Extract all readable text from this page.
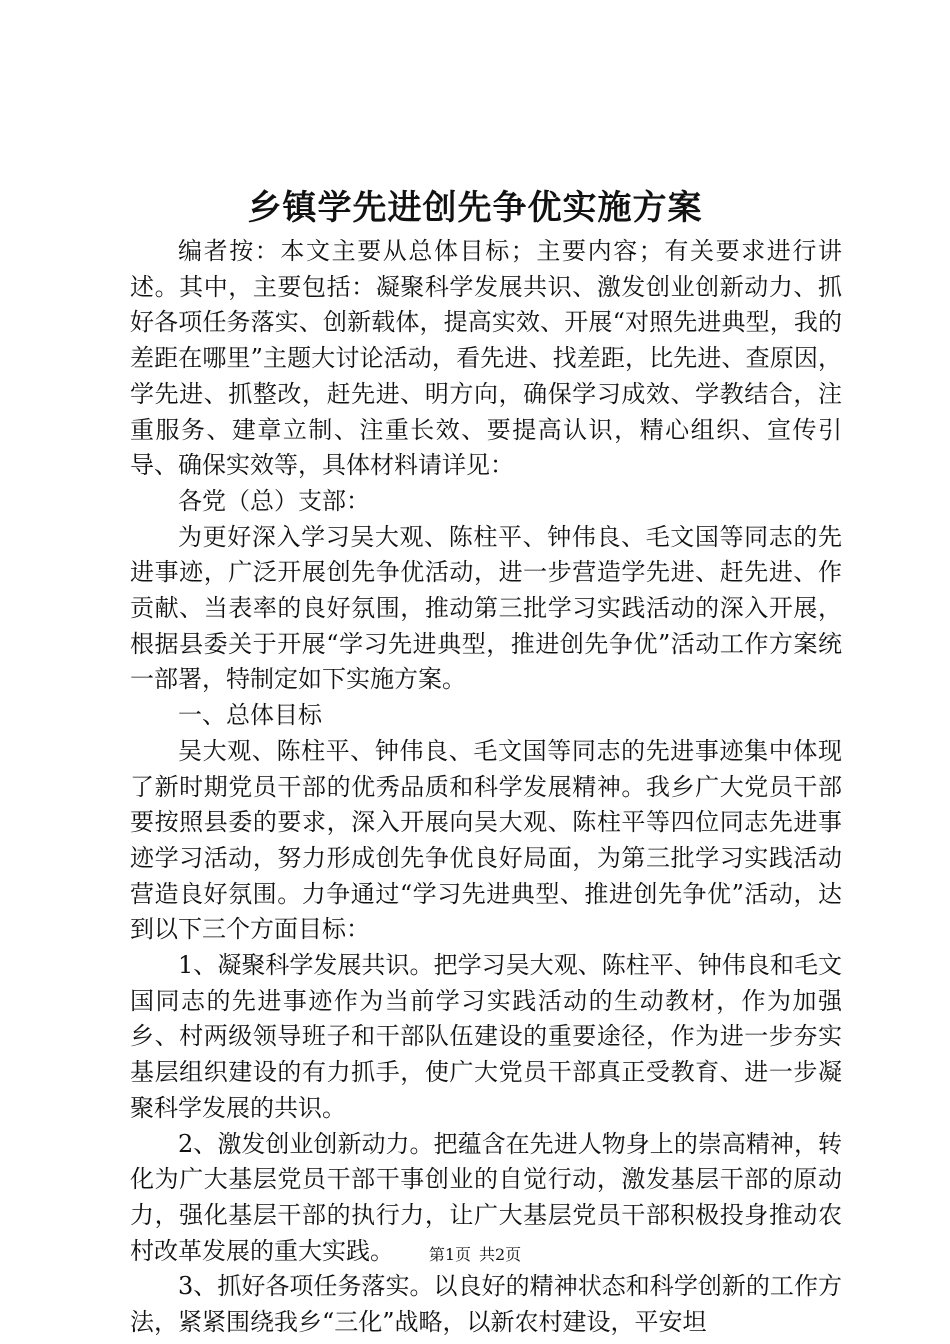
乡镇学先进创先争优实施方案

编者按：本文主要从总体目标；主要内容；有关要求进行讲述。其中，主要包括：凝聚科学发展共识、激发创业创新动力、抓好各项任务落实、创新载体，提高实效、开展“对照先进典型，我的差距在哪里”主题大讨论活动，看先进、找差距，比先进、查原因，学先进、抓整改，赶先进、明方向，确保学习成效、学教结合，注重服务、建章立制、注重长效、要提高认识，精心组织、宣传引导、确保实效等，具体材料请详见：

各党（总）支部：

为更好深入学习吴大观、陈柱平、钟伟良、毛文国等同志的先进事迹，广泛开展创先争优活动，进一步营造学先进、赶先进、作贡献、当表率的良好氛围，推动第三批学习实践活动的深入开展，根据县委关于开展“学习先进典型，推进创先争优”活动工作方案统一部署，特制定如下实施方案。

一、总体目标

吴大观、陈柱平、钟伟良、毛文国等同志的先进事迹集中体现了新时期党员干部的优秀品质和科学发展精神。我乡广大党员干部要按照县委的要求，深入开展向吴大观、陈柱平等四位同志先进事迹学习活动，努力形成创先争优良好局面，为第三批学习实践活动营造良好氛围。力争通过“学习先进典型、推进创先争优”活动，达到以下三个方面目标：

1、凝聚科学发展共识。把学习吴大观、陈柱平、钟伟良和毛文国同志的先进事迹作为当前学习实践活动的生动教材，作为加强乡、村两级领导班子和干部队伍建设的重要途径，作为进一步夯实基层组织建设的有力抓手，使广大党员干部真正受教育、进一步凝聚科学发展的共识。

2、激发创业创新动力。把蕴含在先进人物身上的崇高精神，转化为广大基层党员干部干事创业的自觉行动，激发基层干部的原动力，强化基层干部的执行力，让广大基层党员干部积极投身推动农村改革发展的重大实践。

3、抓好各项任务落实。以良好的精神状态和科学创新的工作方法，紧紧围绕我乡“三化”战略，以新农村建设，平安坦

第1页 共2页
